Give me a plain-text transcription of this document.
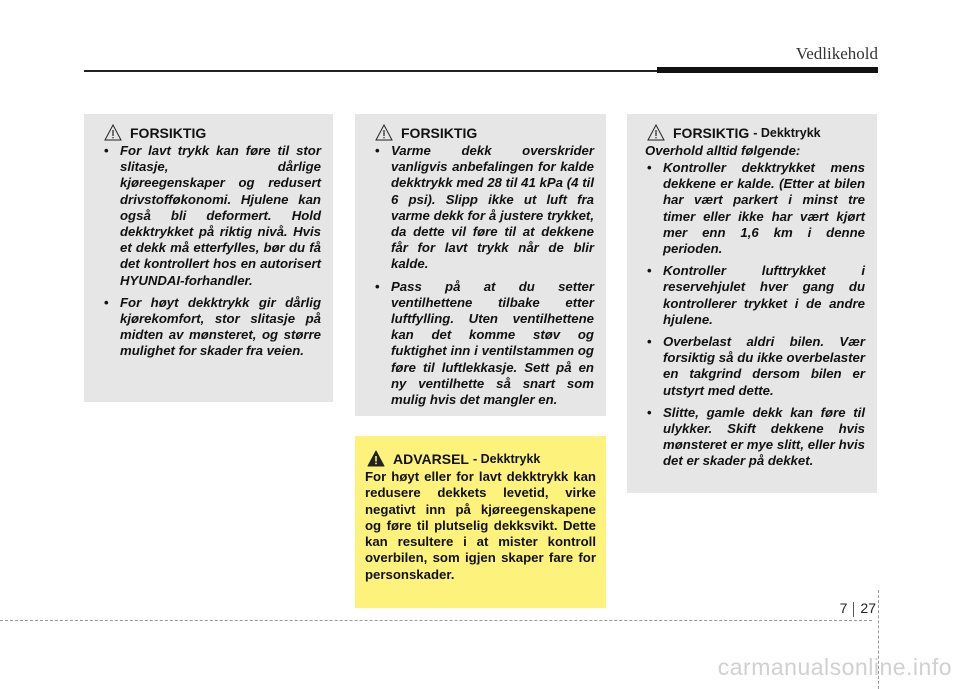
Vedlikehold
FORSIKTIG
• For lavt trykk kan føre til stor slitasje, dårlige kjøreegenskaper og redusert drivstofføkonomi. Hjulene kan også bli deformert. Hold dekktrykket på riktig nivå. Hvis et dekk må etterfylles, bør du få det kontrollert hos en autorisert HYUNDAI-forhandler.
• For høyt dekktrykk gir dårlig kjørekomfort, stor slitasje på midten av mønsteret, og større mulighet for skader fra veien.
FORSIKTIG
• Varme dekk overskrider vanligvis anbefalingen for kalde dekktrykk med 28 til 41 kPa (4 til 6 psi). Slipp ikke ut luft fra varme dekk for å justere trykket, da dette vil føre til at dekkene får for lavt trykk når de blir kalde.
• Pass på at du setter ventilhettene tilbake etter luftfylling. Uten ventilhettene kan det komme støv og fuktighet inn i ventilstammen og føre til luftlekkasje. Sett på en ny ventilhette så snart som mulig hvis det mangler en.
ADVARSEL - Dekktrykk
For høyt eller for lavt dekktrykk kan redusere dekkets levetid, virke negativt inn på kjøreegenskapene og føre til plutselig dekksvikt. Dette kan resultere i at mister kontroll overbilen, som igjen skaper fare for personskader.
FORSIKTIG - Dekktrykk
Overhold alltid følgende:
• Kontroller dekktrykket mens dekkene er kalde. (Etter at bilen har vært parkert i minst tre timer eller ikke har vært kjørt mer enn 1,6 km i denne perioden.
• Kontroller lufttrykket i reservehjulet hver gang du kontrollerer trykket i de andre hjulene.
• Overbelast aldri bilen. Vær forsiktig så du ikke overbelaster en takgrind dersom bilen er utstyrt med dette.
• Slitte, gamle dekk kan føre til ulykker. Skift dekkene hvis mønsteret er mye slitt, eller hvis det er skader på dekket.
7 27
carmanualsonline.info
